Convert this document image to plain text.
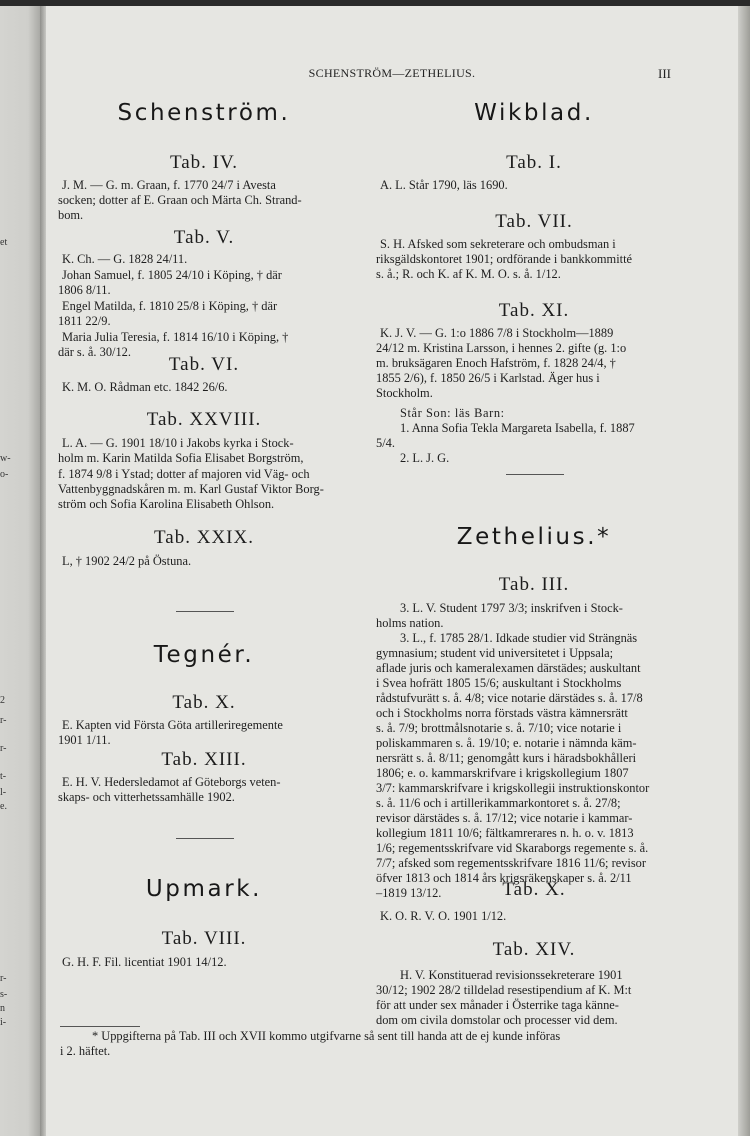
et
w-
o-
2
r-
r-
t-
l-
e.
r-
s-
n
i-
SCHENSTRÖM—ZETHELIUS.	III
Schenström.
Tab. IV.
J. M. — G. m. Graan, f. 1770 24/7 i Avesta
socken; dotter af E. Graan och Märta Ch. Strand-
bom.
Tab. V.
K. Ch. — G. 1828 24/11.
Johan Samuel, f. 1805 24/10 i Köping, † där
1806 8/11.
Engel Matilda, f. 1810 25/8 i Köping, † där
1811 22/9.
Maria Julia Teresia, f. 1814 16/10 i Köping, †
där s. å. 30/12.
Tab. VI.
K. M. O. Rådman etc. 1842 26/6.
Tab. XXVIII.
L. A. — G. 1901 18/10 i Jakobs kyrka i Stock-
holm m. Karin Matilda Sofia Elisabet Borgström,
f. 1874 9/8 i Ystad; dotter af majoren vid Väg- och
Vattenbyggnadskåren m. m. Karl Gustaf Viktor Borg-
ström och Sofia Karolina Elisabeth Ohlson.
Tab. XXIX.
L, † 1902 24/2 på Östuna.
Tegnér.
Tab. X.
E. Kapten vid Första Göta artilleriregemente
1901 1/11.
Tab. XIII.
E. H. V. Hedersledamot af Göteborgs veten-
skaps- och vitterhetssamhälle 1902.
Upmark.
Tab. VIII.
G. H. F. Fil. licentiat 1901 14/12.
Wikblad.
Tab. I.
A. L. Står 1790, läs 1690.
Tab. VII.
S. H. Afsked som sekreterare och ombudsman i
riksgäldskontoret 1901; ordförande i bankkommitté
s. å.; R. och K. af K. M. O. s. å. 1/12.
Tab. XI.
K. J. V. — G. 1:o 1886 7/8 i Stockholm—1889
24/12 m. Kristina Larsson, i hennes 2. gifte (g. 1:o
m. bruksägaren Enoch Hafström, f. 1828 24/4, †
1855 2/6), f. 1850 26/5 i Karlstad. Äger hus i
Stockholm.
Står Son: läs Barn:
1. Anna Sofia Tekla Margareta Isabella, f. 1887
5/4.
2. L. J. G.
Zethelius.*
Tab. III.
3. L. V. Student 1797 3/3; inskrifven i Stock-
holms nation.
3. L., f. 1785 28/1. Idkade studier vid Strängnäs
gymnasium; student vid universitetet i Uppsala;
aflade juris och kameralexamen därstädes; auskultant
i Svea hofrätt 1805 15/6; auskultant i Stockholms
rådstufvurätt s. å. 4/8; vice notarie därstädes s. å. 17/8
och i Stockholms norra förstads västra kämnersrätt
s. å. 7/9; brottmålsnotarie s. å. 7/10; vice notarie i
poliskammaren s. å. 19/10; e. notarie i nämnda käm-
nersrätt s. å. 8/11; genomgått kurs i häradsbokhålleri
1806; e. o. kammarskrifvare i krigskollegium 1807
3/7: kammarskrifvare i krigskollegii instruktionskontor
s. å. 11/6 och i artillerikammarkontoret s. å. 27/8;
revisor därstädes s. å. 17/12; vice notarie i kammar-
kollegium 1811 10/6; fältkamrerares n. h. o. v. 1813
1/6; regementsskrifvare vid Skaraborgs regemente s. å.
7/7; afsked som regementsskrifvare 1816 11/6; revisor
öfver 1813 och 1814 års krigsräkenskaper s. å. 2/11
–1819 13/12.	Tab. X.
K. O. R. V. O. 1901 1/12.
Tab. XIV.
H. V. Konstituerad revisionssekreterare 1901
30/12; 1902 28/2 tilldelad resestipendium af K. M:t
för att under sex månader i Österrike taga känne-
dom om civila domstolar och processer vid dem.
* Uppgifterna på Tab. III och XVII kommo utgifvarne så sent till handa att de ej kunde införas
i 2. häftet.
